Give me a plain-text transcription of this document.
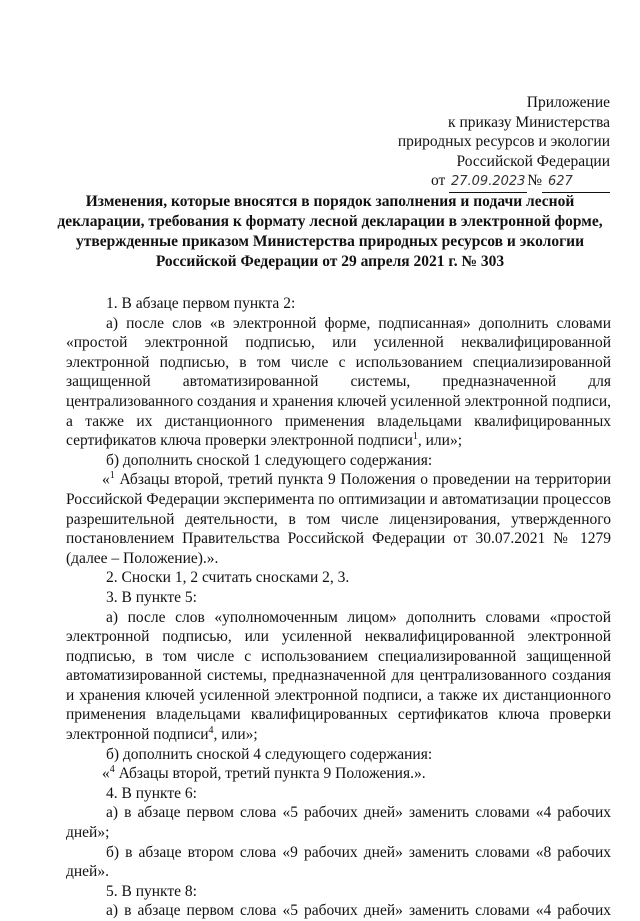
Приложение
к приказу Министерства
природных ресурсов и экологии
Российской Федерации
от 27.09.2023 № 627
Изменения, которые вносятся в порядок заполнения и подачи лесной
декларации, требования к формату лесной декларации в электронной форме,
утвержденные приказом Министерства природных ресурсов и экологии
Российской Федерации от 29 апреля 2021 г. № 303

1. В абзаце первом пункта 2:

а) после слов «в электронной форме, подписанная» дополнить словами «простой электронной подписью, или усиленной неквалифицированной электронной подписью, в том числе с использованием специализированной защищенной автоматизированной системы, предназначенной для централизованного создания и хранения ключей усиленной электронной подписи, а также их дистанционного применения владельцами квалифицированных сертификатов ключа проверки электронной подписи$^1$, или»;

б) дополнить сноской 1 следующего содержания:

«$^1$ Абзацы второй, третий пункта 9 Положения о проведении на территории Российской Федерации эксперимента по оптимизации и автоматизации процессов разрешительной деятельности, в том числе лицензирования, утвержденного постановлением Правительства Российской Федерации от 30.07.2021 № 1279 (далее – Положение).».

2. Сноски 1, 2 считать сносками 2, 3.

3. В пункте 5:

а) после слов «уполномоченным лицом» дополнить словами «простой электронной подписью, или усиленной неквалифицированной электронной подписью, в том числе с использованием специализированной защищенной автоматизированной системы, предназначенной для централизованного создания и хранения ключей усиленной электронной подписи, а также их дистанционного применения владельцами квалифицированных сертификатов ключа проверки электронной подписи$^4$, или»;

б) дополнить сноской 4 следующего содержания:

«$^4$ Абзацы второй, третий пункта 9 Положения.».

4. В пункте 6:

а) в абзаце первом слова «5 рабочих дней» заменить словами «4 рабочих дней»;

б) в абзаце втором слова «9 рабочих дней» заменить словами «8 рабочих дней».

5. В пункте 8:

а) в абзаце первом слова «5 рабочих дней» заменить словами «4 рабочих
